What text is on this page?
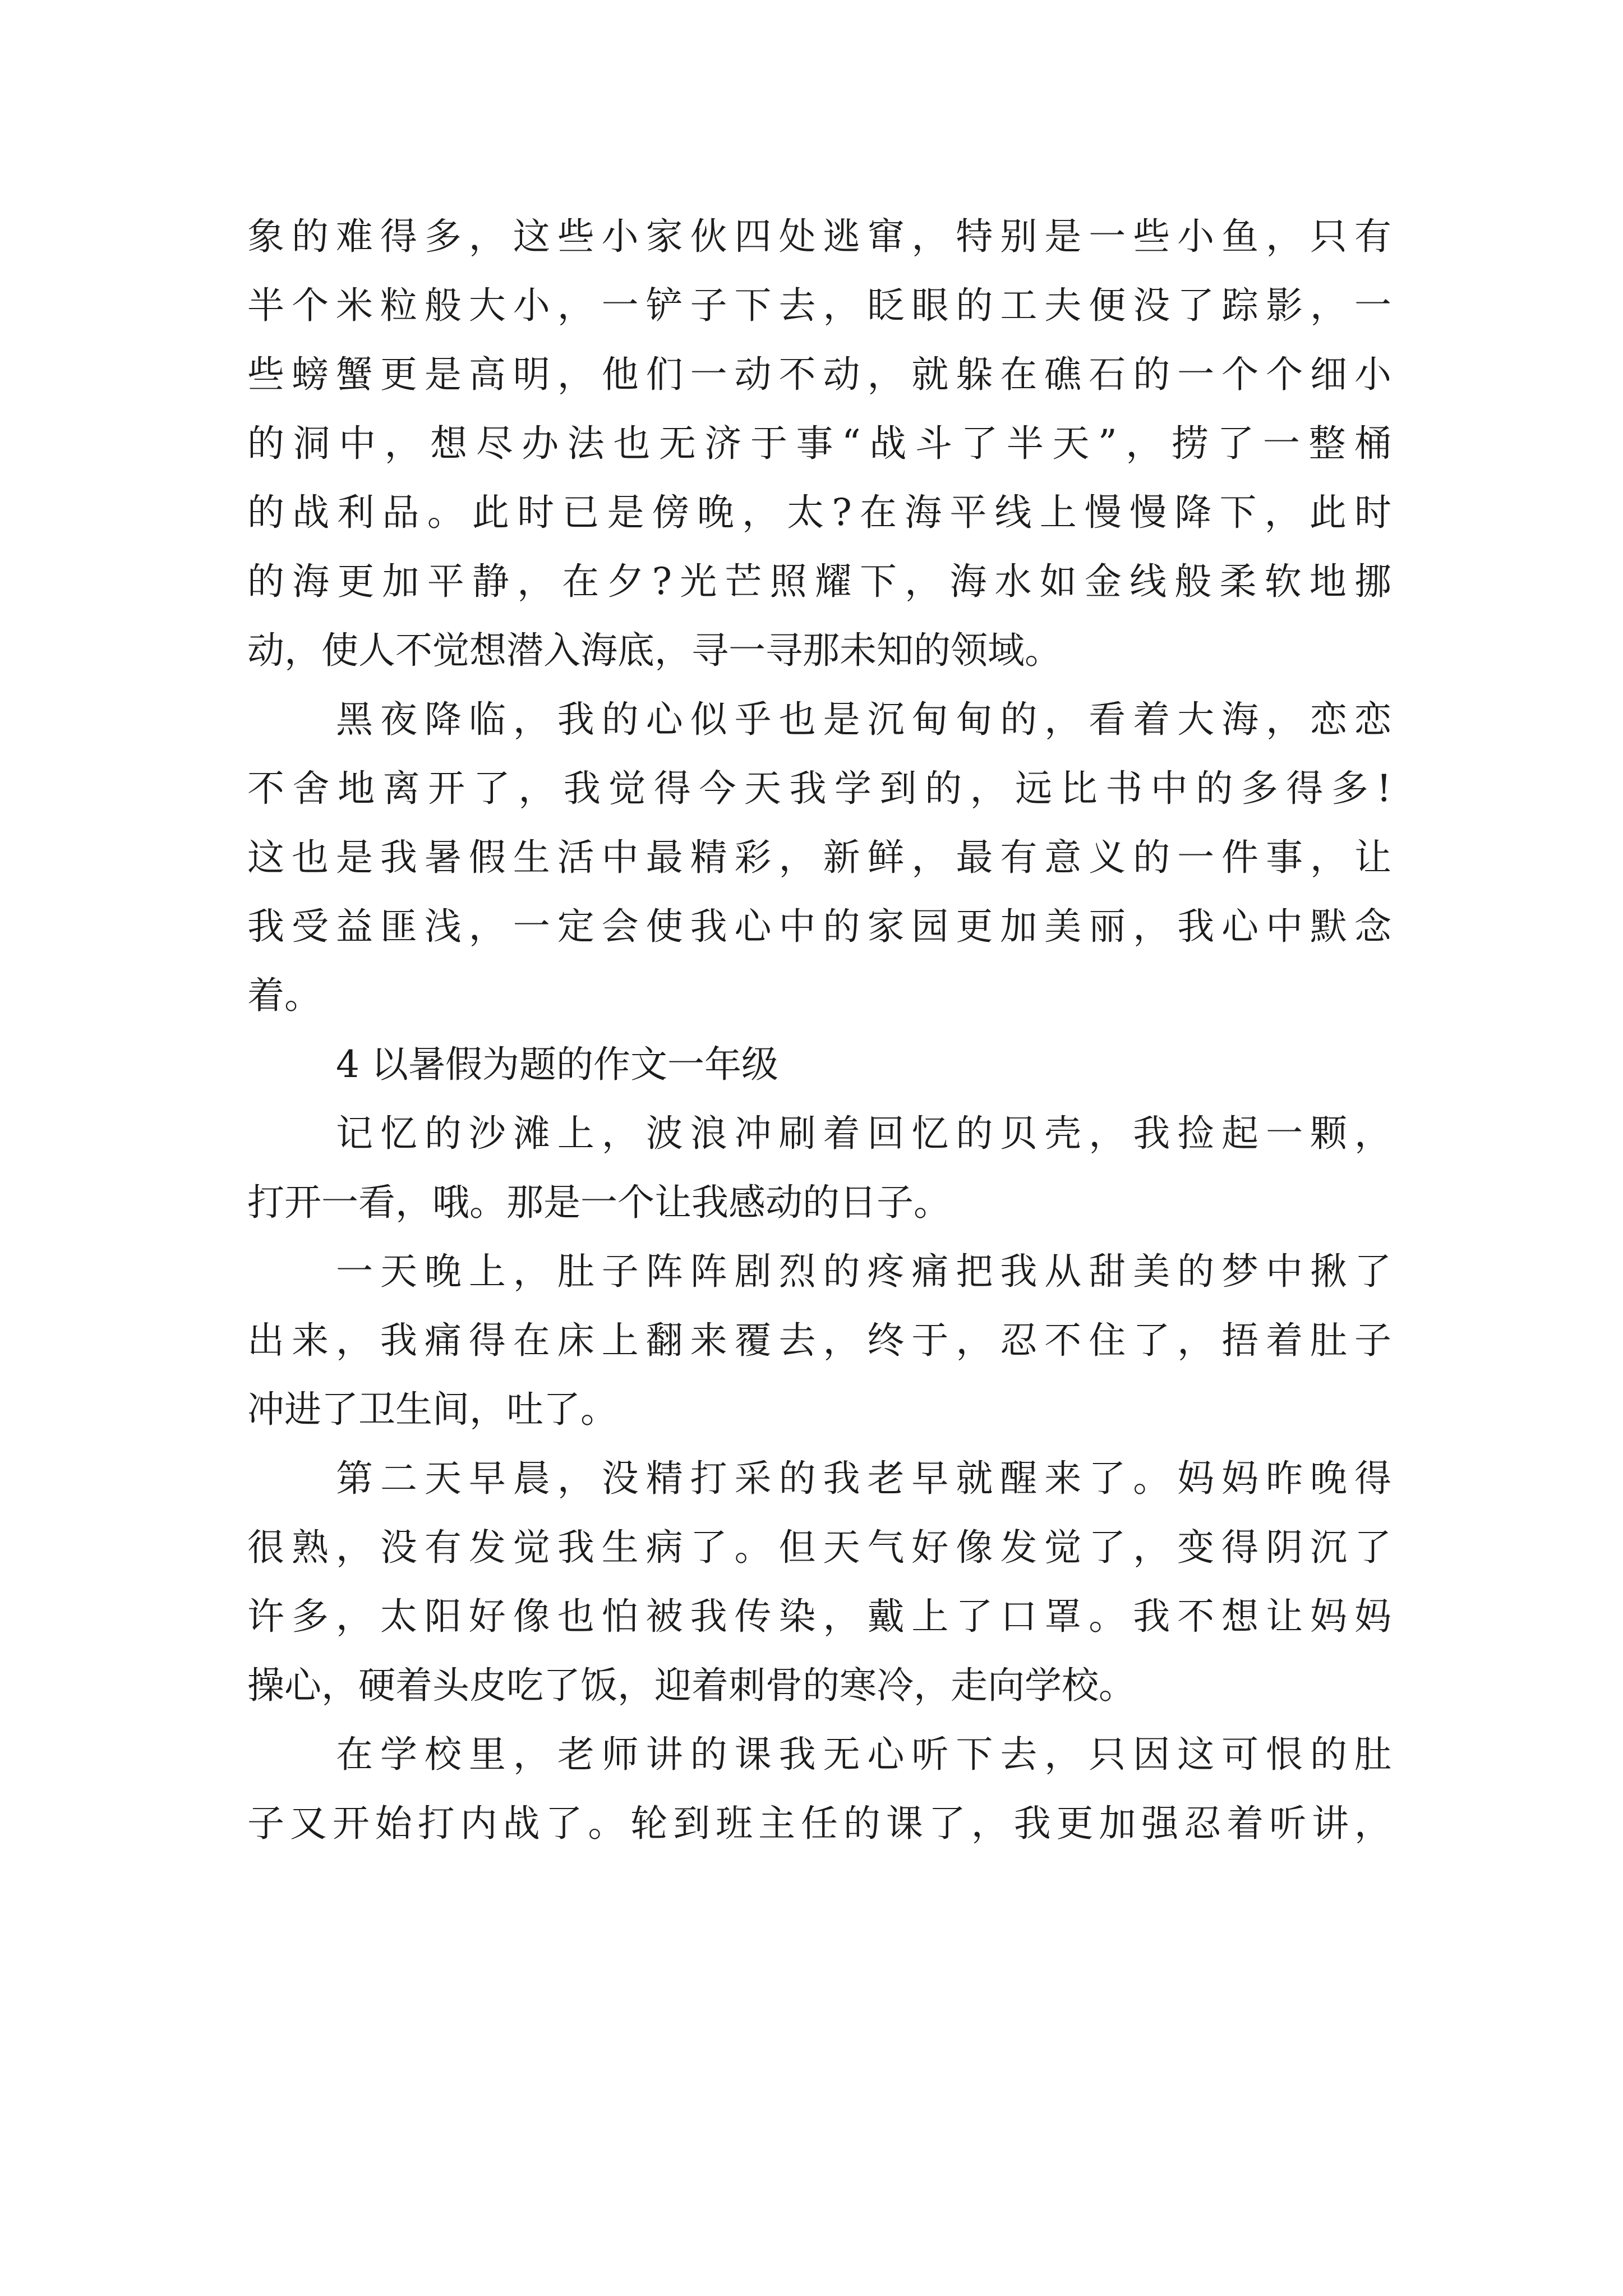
象的难得多，这些小家伙四处逃窜，特别是一些小鱼，只有
半个米粒般大小，一铲子下去，眨眼的工夫便没了踪影，一
些螃蟹更是高明，他们一动不动，就躲在礁石的一个个细小
的洞中，想尽办法也无济于事“战斗了半天”，捞了一整桶
的战利品。此时已是傍晚，太?在海平线上慢慢降下，此时
的海更加平静，在夕?光芒照耀下，海水如金线般柔软地挪
动，使人不觉想潜入海底，寻一寻那未知的领域。
黑夜降临，我的心似乎也是沉甸甸的，看着大海，恋恋
不舍地离开了，我觉得今天我学到的，远比书中的多得多!
这也是我暑假生活中最精彩，新鲜，最有意义的一件事，让
我受益匪浅，一定会使我心中的家园更加美丽，我心中默念
着。
4 以暑假为题的作文一年级
记忆的沙滩上，波浪冲刷着回忆的贝壳，我捡起一颗，
打开一看，哦。那是一个让我感动的日子。
一天晚上，肚子阵阵剧烈的疼痛把我从甜美的梦中揪了
出来，我痛得在床上翻来覆去，终于，忍不住了，捂着肚子
冲进了卫生间，吐了。
第二天早晨，没精打采的我老早就醒来了。妈妈昨晚得
很熟，没有发觉我生病了。但天气好像发觉了，变得阴沉了
许多，太阳好像也怕被我传染，戴上了口罩。我不想让妈妈
操心，硬着头皮吃了饭，迎着刺骨的寒冷，走向学校。
在学校里，老师讲的课我无心听下去，只因这可恨的肚
子又开始打内战了。轮到班主任的课了，我更加强忍着听讲，
